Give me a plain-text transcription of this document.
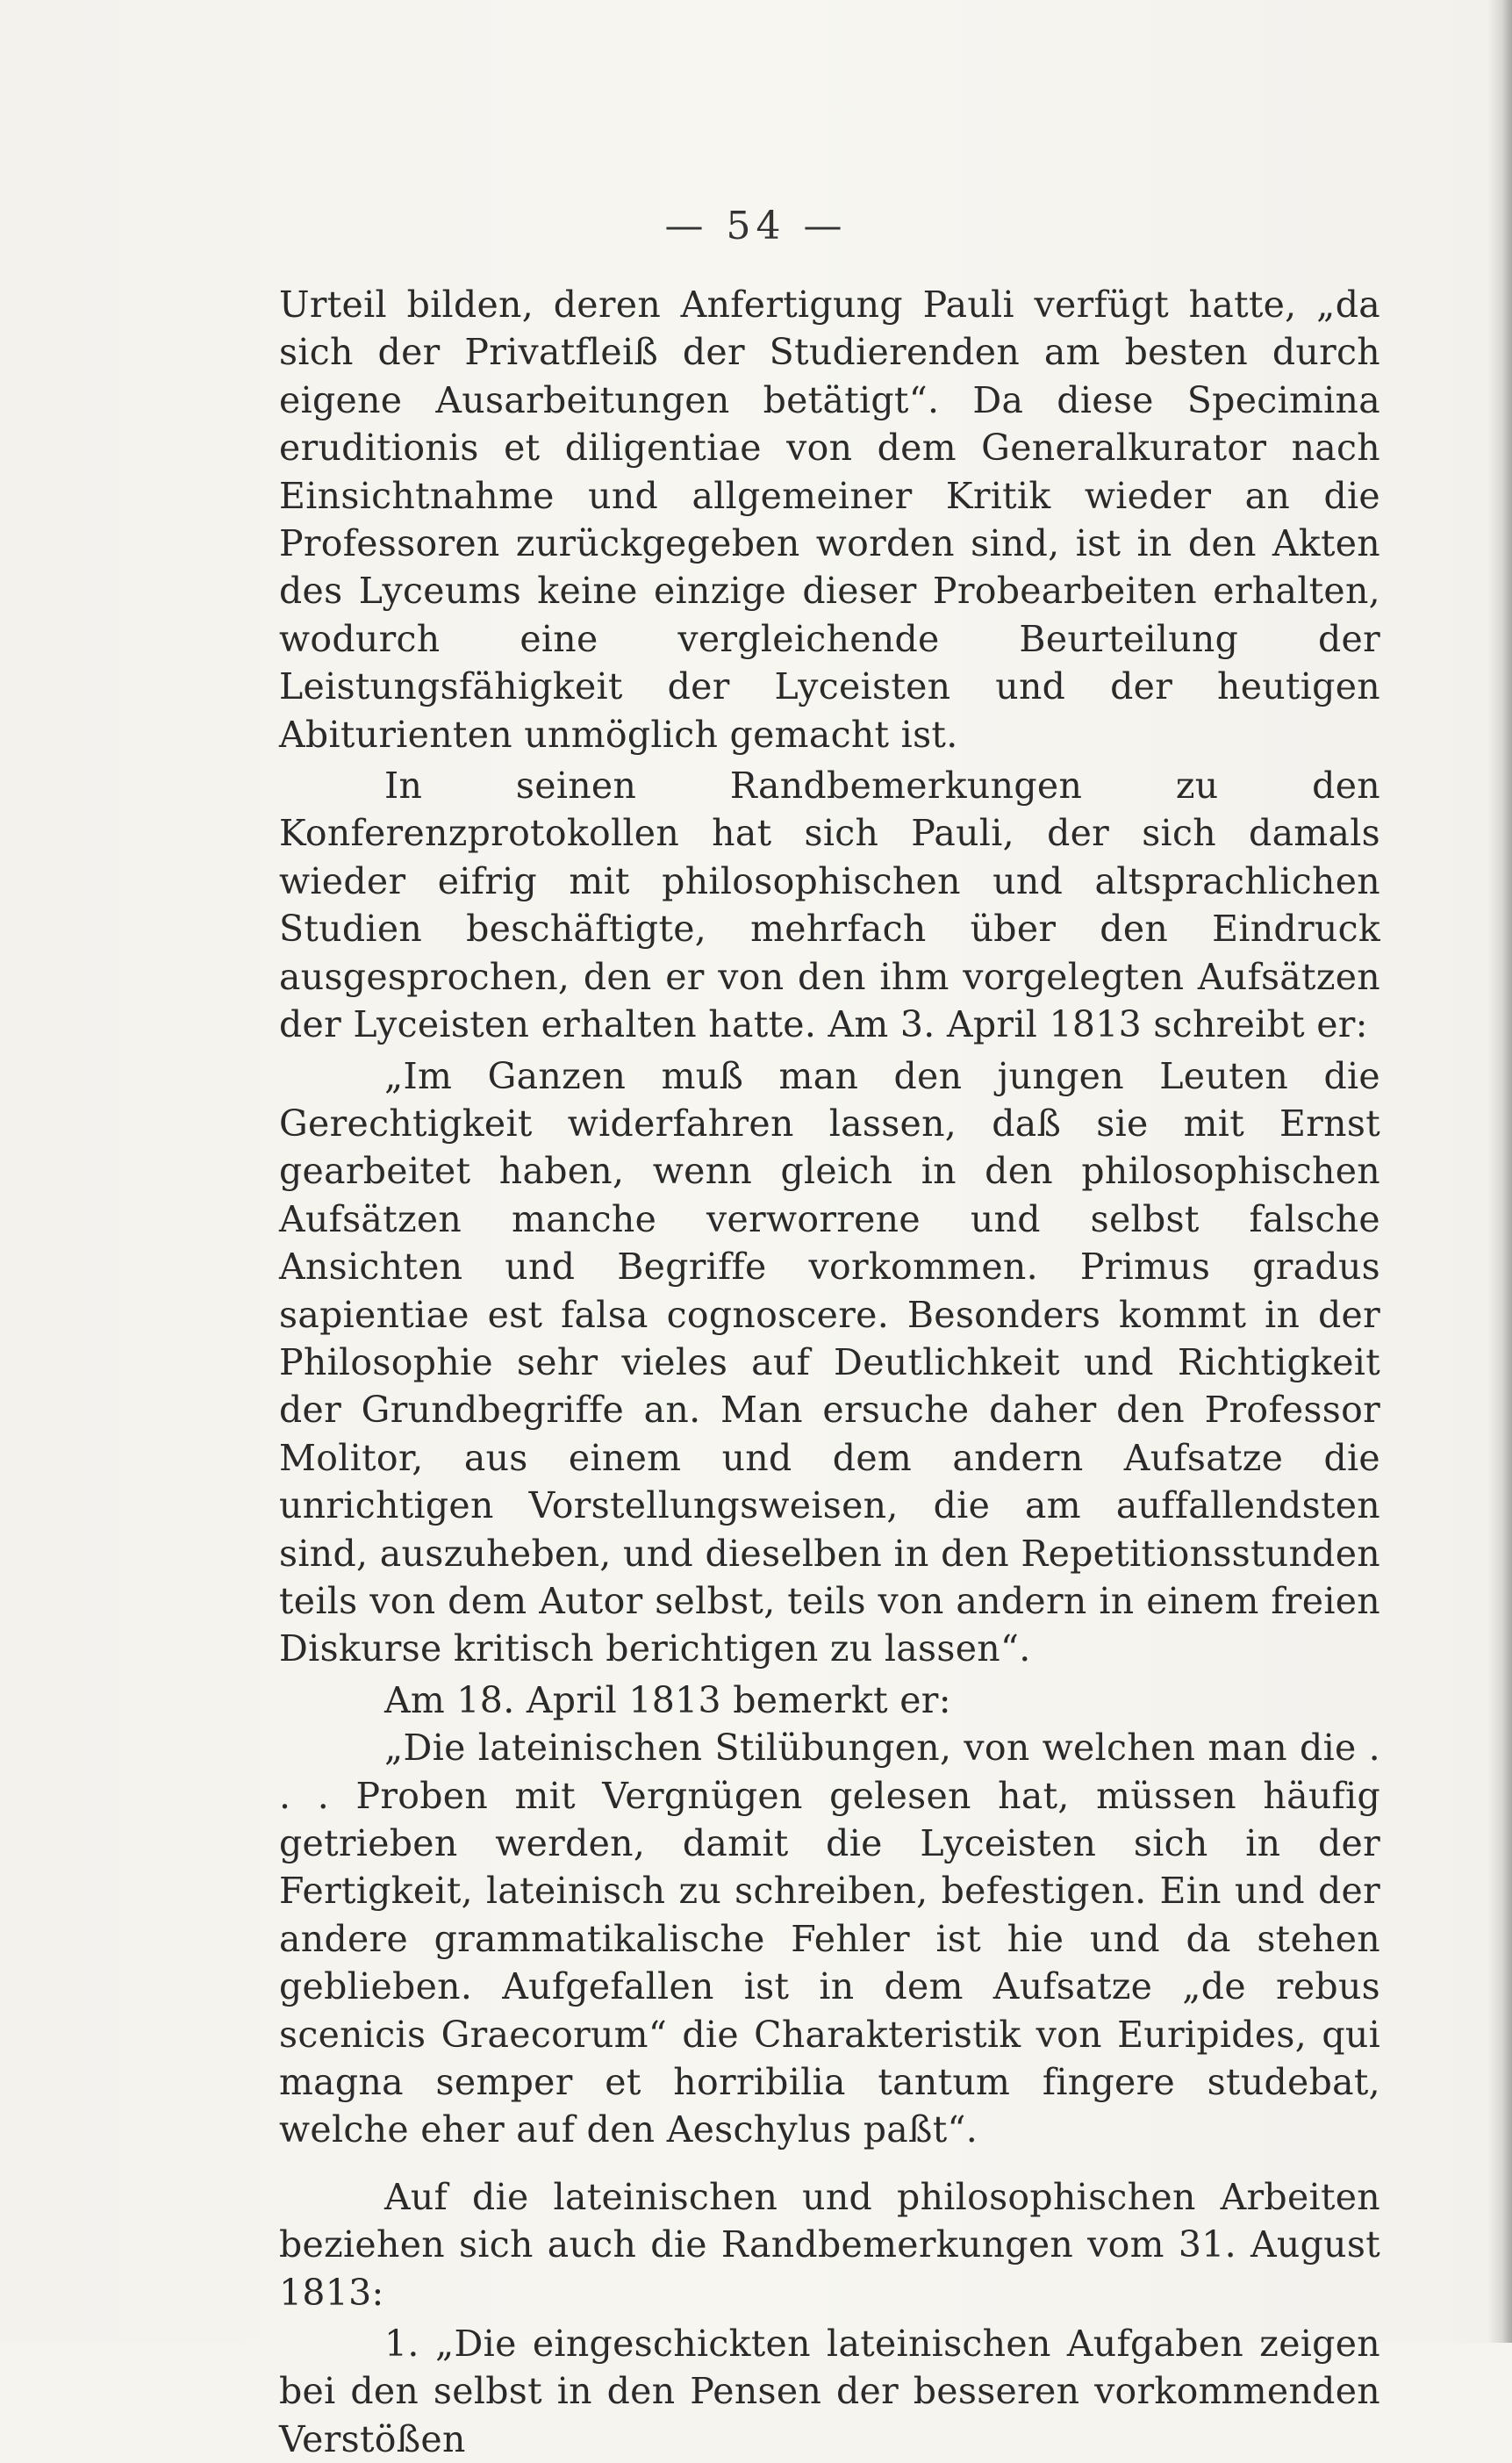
— 54 —

Urteil bilden, deren Anfertigung Pauli verfügt hatte, „da sich der Privatfleiß der Studierenden am besten durch eigene Ausarbeitungen betätigt“. Da diese Specimina eruditionis et diligentiae von dem Generalkurator nach Einsichtnahme und allgemeiner Kritik wieder an die Professoren zurückgegeben worden sind, ist in den Akten des Lyceums keine einzige dieser Probearbeiten erhalten, wodurch eine vergleichende Beurteilung der Leistungsfähigkeit der Lyceisten und der heutigen Abiturienten unmöglich gemacht ist.

In seinen Randbemerkungen zu den Konferenzprotokollen hat sich Pauli, der sich damals wieder eifrig mit philosophischen und altsprachlichen Studien beschäftigte, mehrfach über den Eindruck ausgesprochen, den er von den ihm vorgelegten Aufsätzen der Lyceisten erhalten hatte. Am 3. April 1813 schreibt er:

„Im Ganzen muß man den jungen Leuten die Gerechtigkeit widerfahren lassen, daß sie mit Ernst gearbeitet haben, wenn gleich in den philosophischen Aufsätzen manche verworrene und selbst falsche Ansichten und Begriffe vorkommen. Primus gradus sapientiae est falsa cognoscere. Besonders kommt in der Philosophie sehr vieles auf Deutlichkeit und Richtigkeit der Grundbegriffe an. Man ersuche daher den Professor Molitor, aus einem und dem andern Aufsatze die unrichtigen Vorstellungsweisen, die am auffallendsten sind, auszuheben, und dieselben in den Repetitionsstunden teils von dem Autor selbst, teils von andern in einem freien Diskurse kritisch berichtigen zu lassen“.

Am 18. April 1813 bemerkt er:

„Die lateinischen Stilübungen, von welchen man die . . . Proben mit Vergnügen gelesen hat, müssen häufig getrieben werden, damit die Lyceisten sich in der Fertigkeit, lateinisch zu schreiben, befestigen. Ein und der andere grammatikalische Fehler ist hie und da stehen geblieben. Aufgefallen ist in dem Aufsatze „de rebus scenicis Graecorum“ die Charakteristik von Euripides, qui magna semper et horribilia tantum fingere studebat, welche eher auf den Aeschylus paßt“.

Auf die lateinischen und philosophischen Arbeiten beziehen sich auch die Randbemerkungen vom 31. August 1813:

1. „Die eingeschickten lateinischen Aufgaben zeigen bei den selbst in den Pensen der besseren vorkommenden Verstößen
